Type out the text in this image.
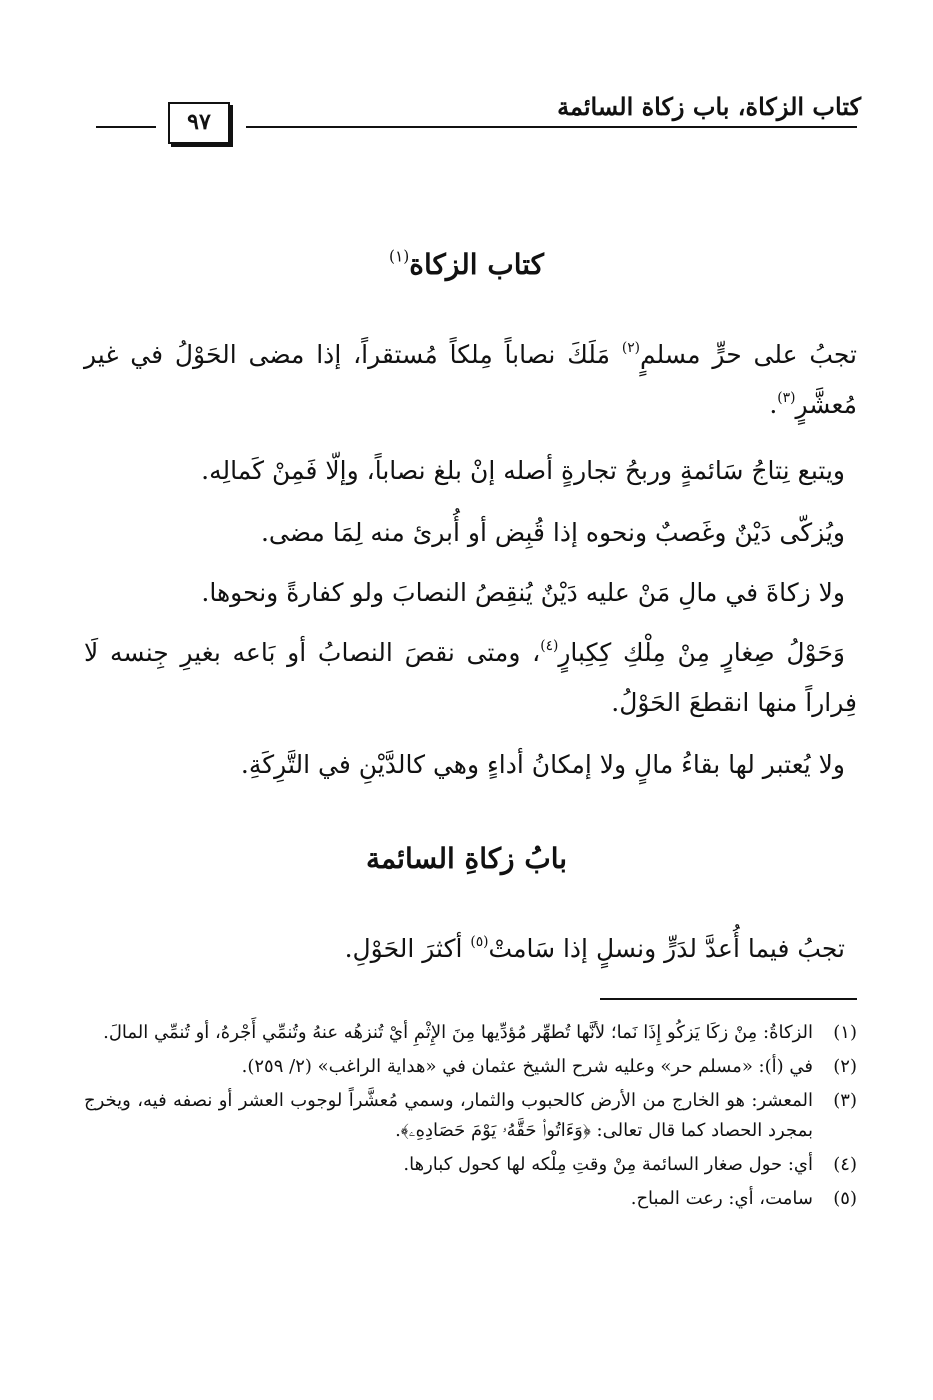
كتاب الزكاة، باب زكاة السائمة
٩٧
كتاب الزكاة$^{(١)}$

تجبُ على حرٍّ مسلمٍ$^{(٢)}$ مَلَكَ نصاباً مِلكاً مُستقراً، إذا مضى الحَوْلُ في غير مُعشَّرٍ$^{(٣)}$.

ويتبع نِتاجُ سَائمةٍ وربحُ تجارةٍ أصله إنْ بلغ نصاباً، وإلّا فَمِنْ كَمالِه.

ويُزكّى دَيْنٌ وغَصبٌ ونحوه إذا قُبِض أو أُبرئ منه لِمَا مضى.

ولا زكاةَ في مالِ مَنْ عليه دَيْنٌ يُنقِصُ النصابَ ولو كفارةً ونحوها.

وَحَوْلُ صِغارٍ مِنْ مِلْكِ كِكِبارٍ$^{(٤)}$، ومتى نقصَ النصابُ أو بَاعه بغيرِ جِنسه لَا فِراراً منها انقطعَ الحَوْلُ.

ولا يُعتبر لها بقاءُ مالٍ ولا إمكانُ أداءٍ وهي كالدَّيْنِ في التَّرِكَةِ.

بابُ زكاةِ السائمة

تجبُ فيما أُعدَّ لدَرٍّ ونسلٍ إذا سَامتْ$^{(٥)}$ أكثرَ الحَوْلِ.

(١)
الزكاةُ: مِنْ زكَا يَزكُو إِذَا نَما؛ لأنَّها تُطهِّر مُؤدِّيها مِنَ الإِثْمِ أيْ تُنزهُه عنهُ وتُنمِّي أَجْرهُ، أو تُنمِّي المالَ.
(٢)
في (أ): «مسلم حر» وعليه شرح الشيخ عثمان في «هداية الراغب» (٢/ ٢٥٩).
(٣)
المعشر: هو الخارج من الأرض كالحبوب والثمار، وسمي مُعشَّراً لوجوب العشر أو نصفه فيه، ويخرج بمجرد الحصاد كما قال تعالى: ﴿وَءَاتُوا۟ حَقَّهُۥ يَوْمَ حَصَادِهِۦ﴾.
(٤)
أي: حول صغار السائمة مِنْ وقتِ مِلْكه لها كحول كبارها.
(٥)
سامت، أي: رعت المباح.
